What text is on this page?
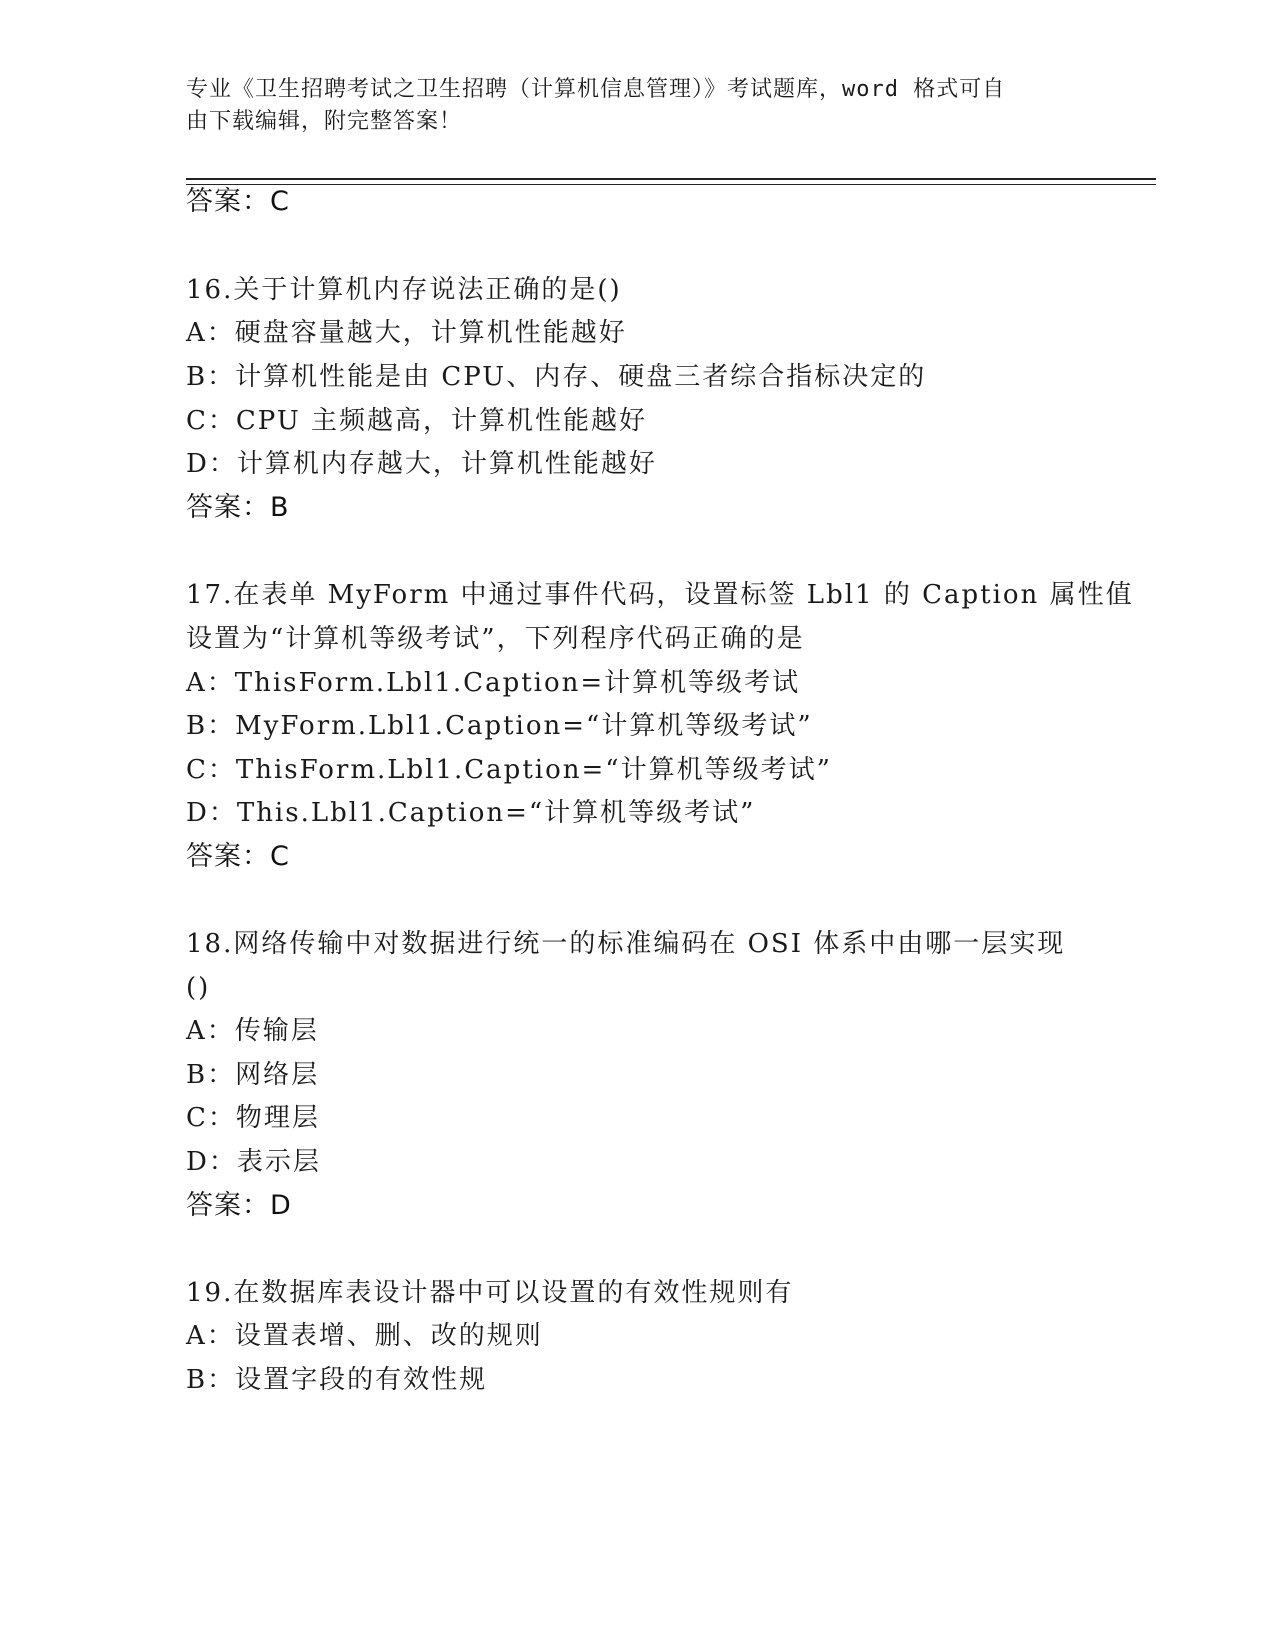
专业《卫生招聘考试之卫生招聘（计算机信息管理）》考试题库，word 格式可自
由下载编辑，附完整答案！
答案：C
16.关于计算机内存说法正确的是()
A：硬盘容量越大，计算机性能越好
B：计算机性能是由 CPU、内存、硬盘三者综合指标决定的
C：CPU 主频越高，计算机性能越好
D：计算机内存越大，计算机性能越好
答案：B
17.在表单 MyForm 中通过事件代码，设置标签 Lbl1 的 Caption 属性值
设置为“计算机等级考试”，下列程序代码正确的是
A：ThisForm.Lbl1.Caption=计算机等级考试
B：MyForm.Lbl1.Caption=“计算机等级考试”
C：ThisForm.Lbl1.Caption=“计算机等级考试”
D：This.Lbl1.Caption=“计算机等级考试”
答案：C
18.网络传输中对数据进行统一的标准编码在 OSI 体系中由哪一层实现
()
A：传输层
B：网络层
C：物理层
D：表示层
答案：D
19.在数据库表设计器中可以设置的有效性规则有
A：设置表增、删、改的规则
B：设置字段的有效性规
